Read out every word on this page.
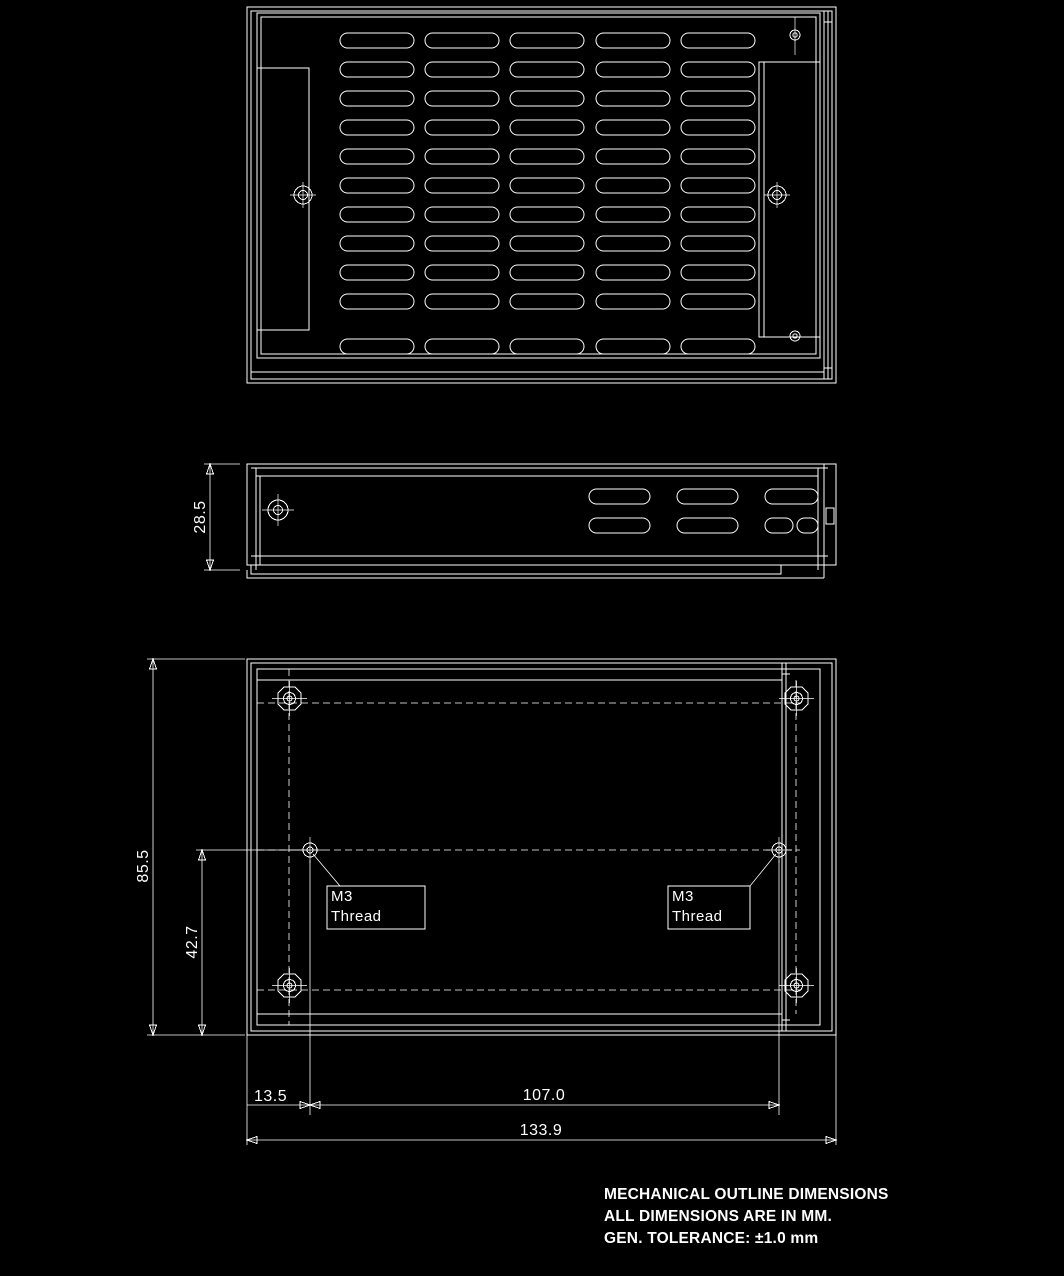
28.5
85.5
42.7
13.5	107.0
133.9
M3
Thread
M3
Thread
MECHANICAL OUTLINE DIMENSIONS
ALL DIMENSIONS ARE IN MM.
GEN. TOLERANCE: ±1.0 mm
